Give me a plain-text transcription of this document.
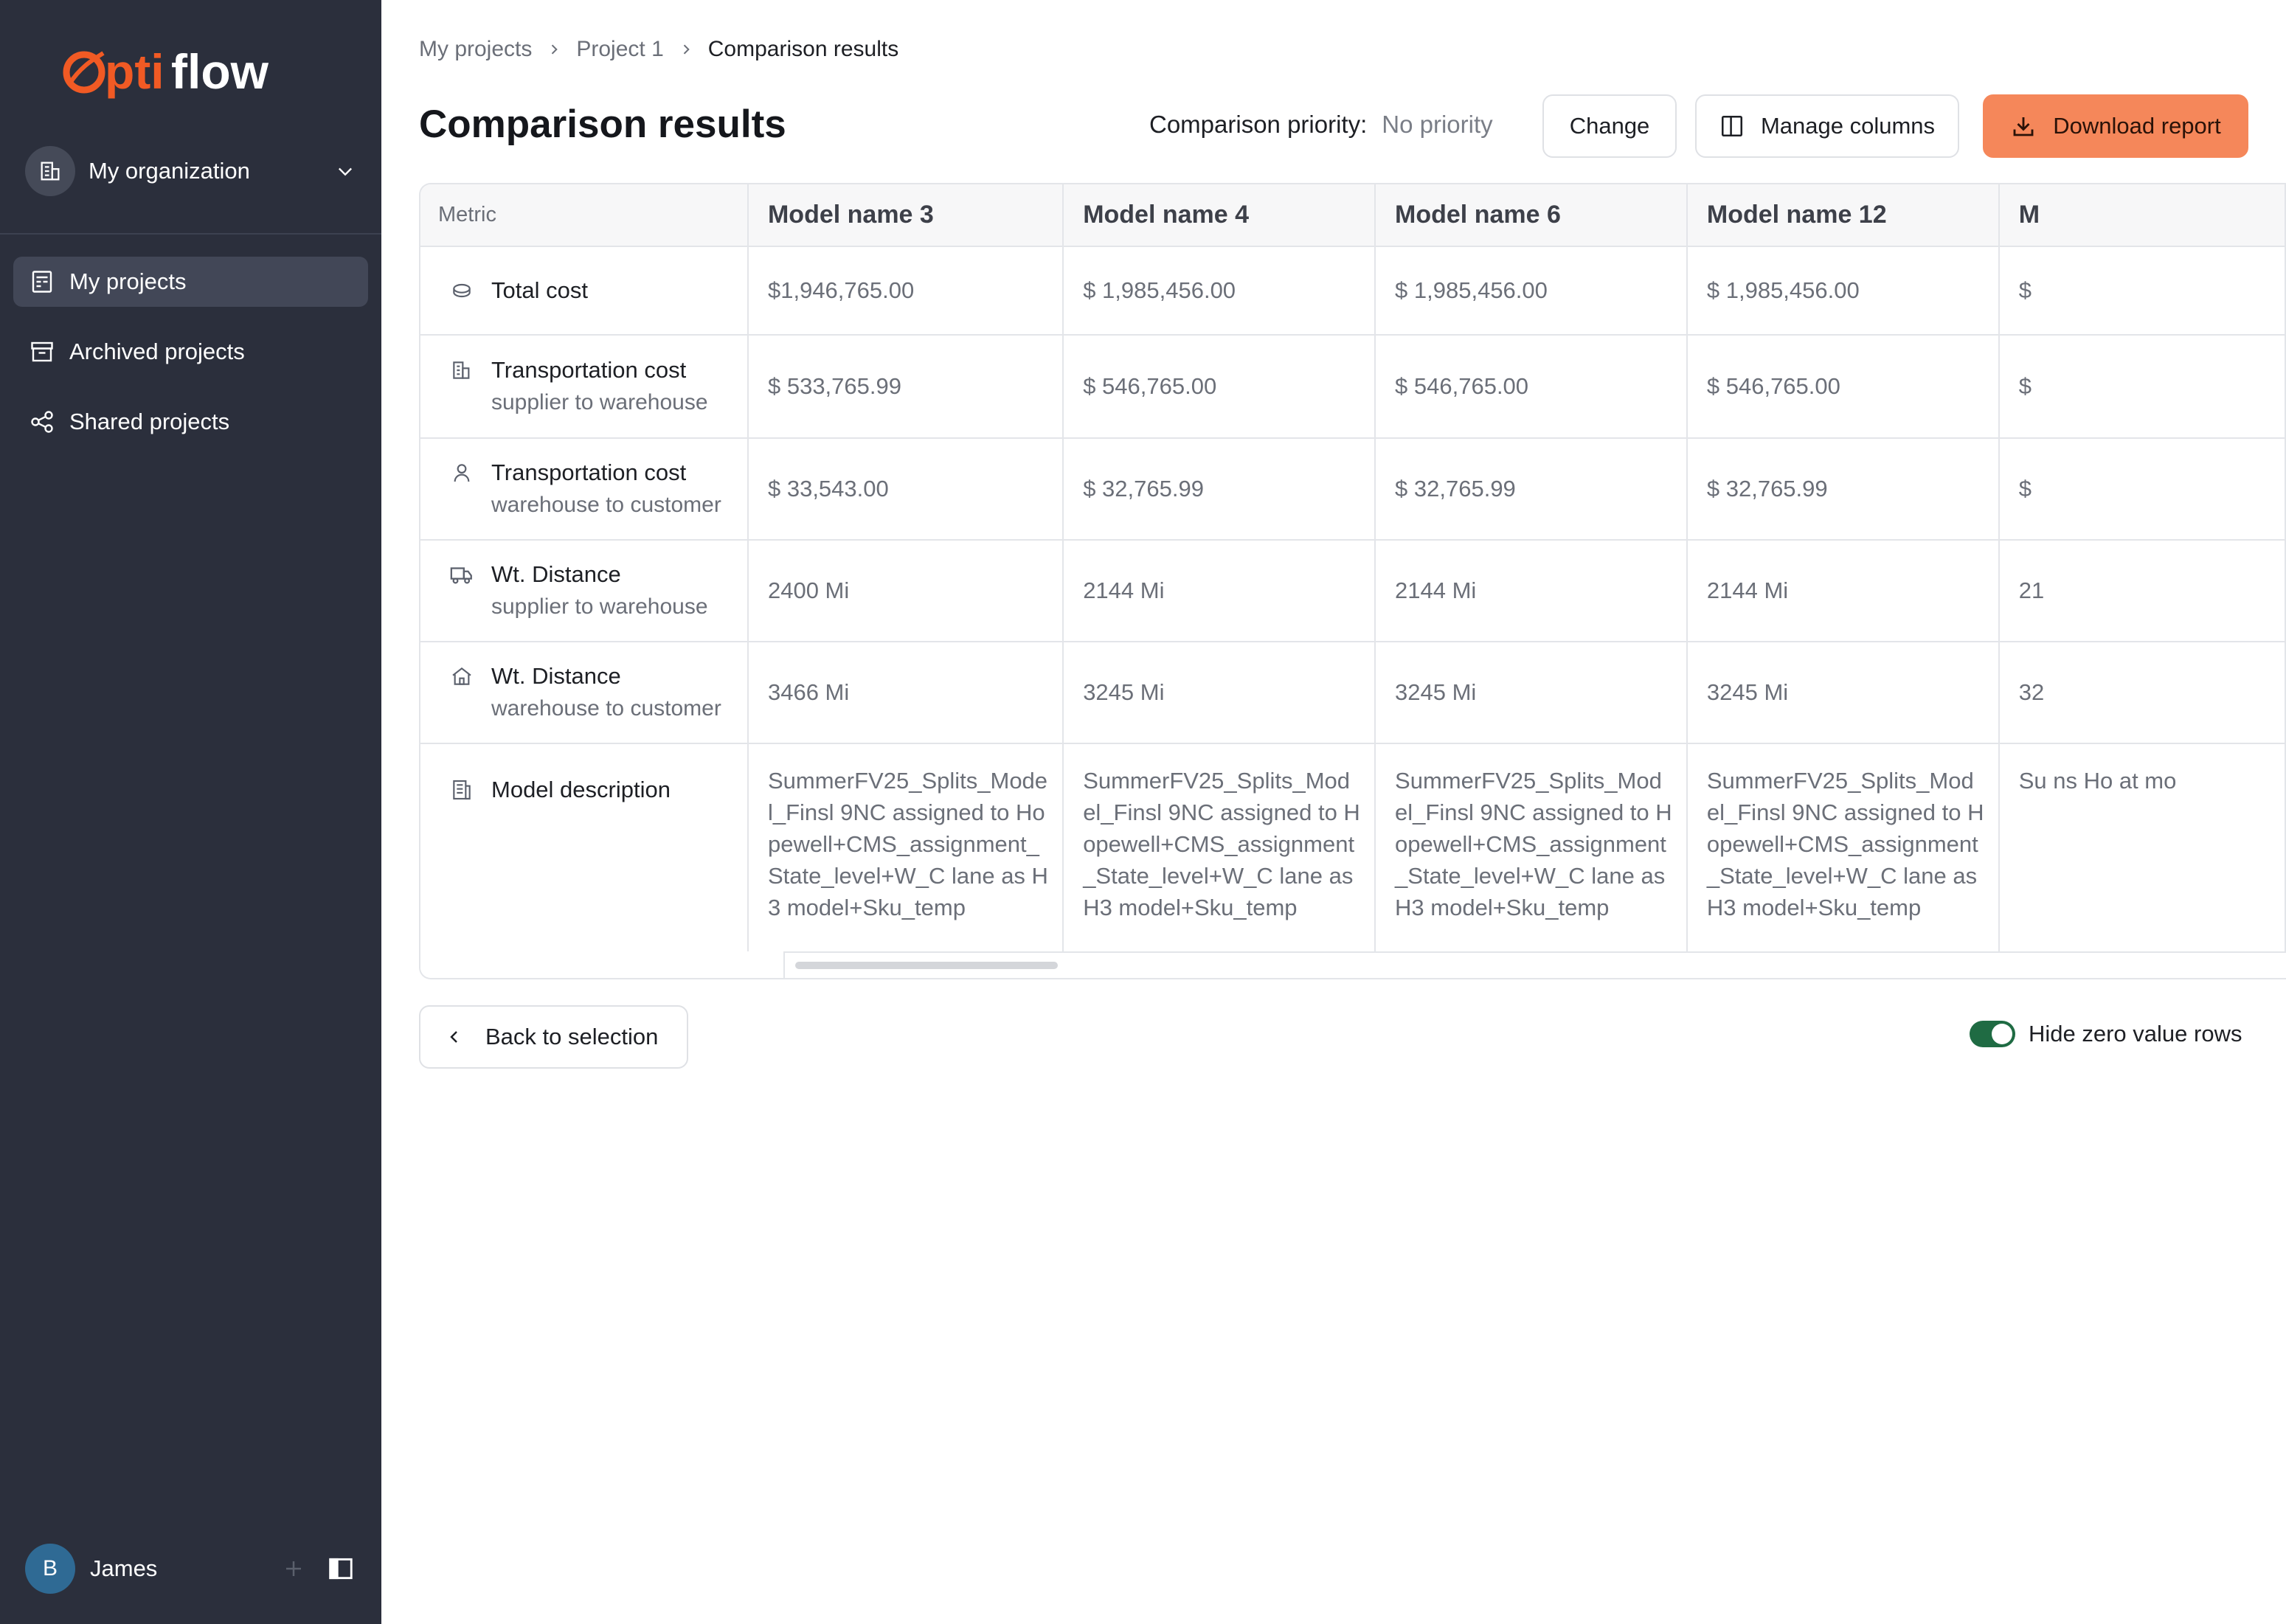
pti flow
My organization
My projects
Archived projects
Shared projects
B	James
My projects Project 1 Comparison results
Comparison results	Comparison priority: No priority	Change	Manage columns	Download report
Metric	Model name 3	Model name 4	Model name 6	Model name 12	M

Total cost	$1,946,765.00	$ 1,985,456.00	$ 1,985,456.00	$ 1,985,456.00	$

Transportation cost
supplier to warehouse	$ 533,765.99	$ 546,765.00	$ 546,765.00	$ 546,765.00	$

Transportation cost
warehouse to customer	$ 33,543.00	$ 32,765.99	$ 32,765.99	$ 32,765.99	$

Wt. Distance
supplier to warehouse	2400 Mi	2144 Mi	2144 Mi	2144 Mi	21

Wt. Distance
warehouse to customer	3466 Mi	3245 Mi	3245 Mi	3245 Mi	32

Model description	SummerFV25_Splits_Model_Finsl 9NC assigned to Hopewell+CMS_assignment_State_level+W_C lane as H3 model+Sku_temp	SummerFV25_Splits_Model_Finsl 9NC assigned to Hopewell+CMS_assignment_State_level+W_C lane as H3 model+Sku_temp	SummerFV25_Splits_Model_Finsl 9NC assigned to Hopewell+CMS_assignment_State_level+W_C lane as H3 model+Sku_temp	SummerFV25_Splits_Model_Finsl 9NC assigned to Hopewell+CMS_assignment_State_level+W_C lane as H3 model+Sku_temp	Su ns Ho at mo
Back to selection	Hide zero value rows
